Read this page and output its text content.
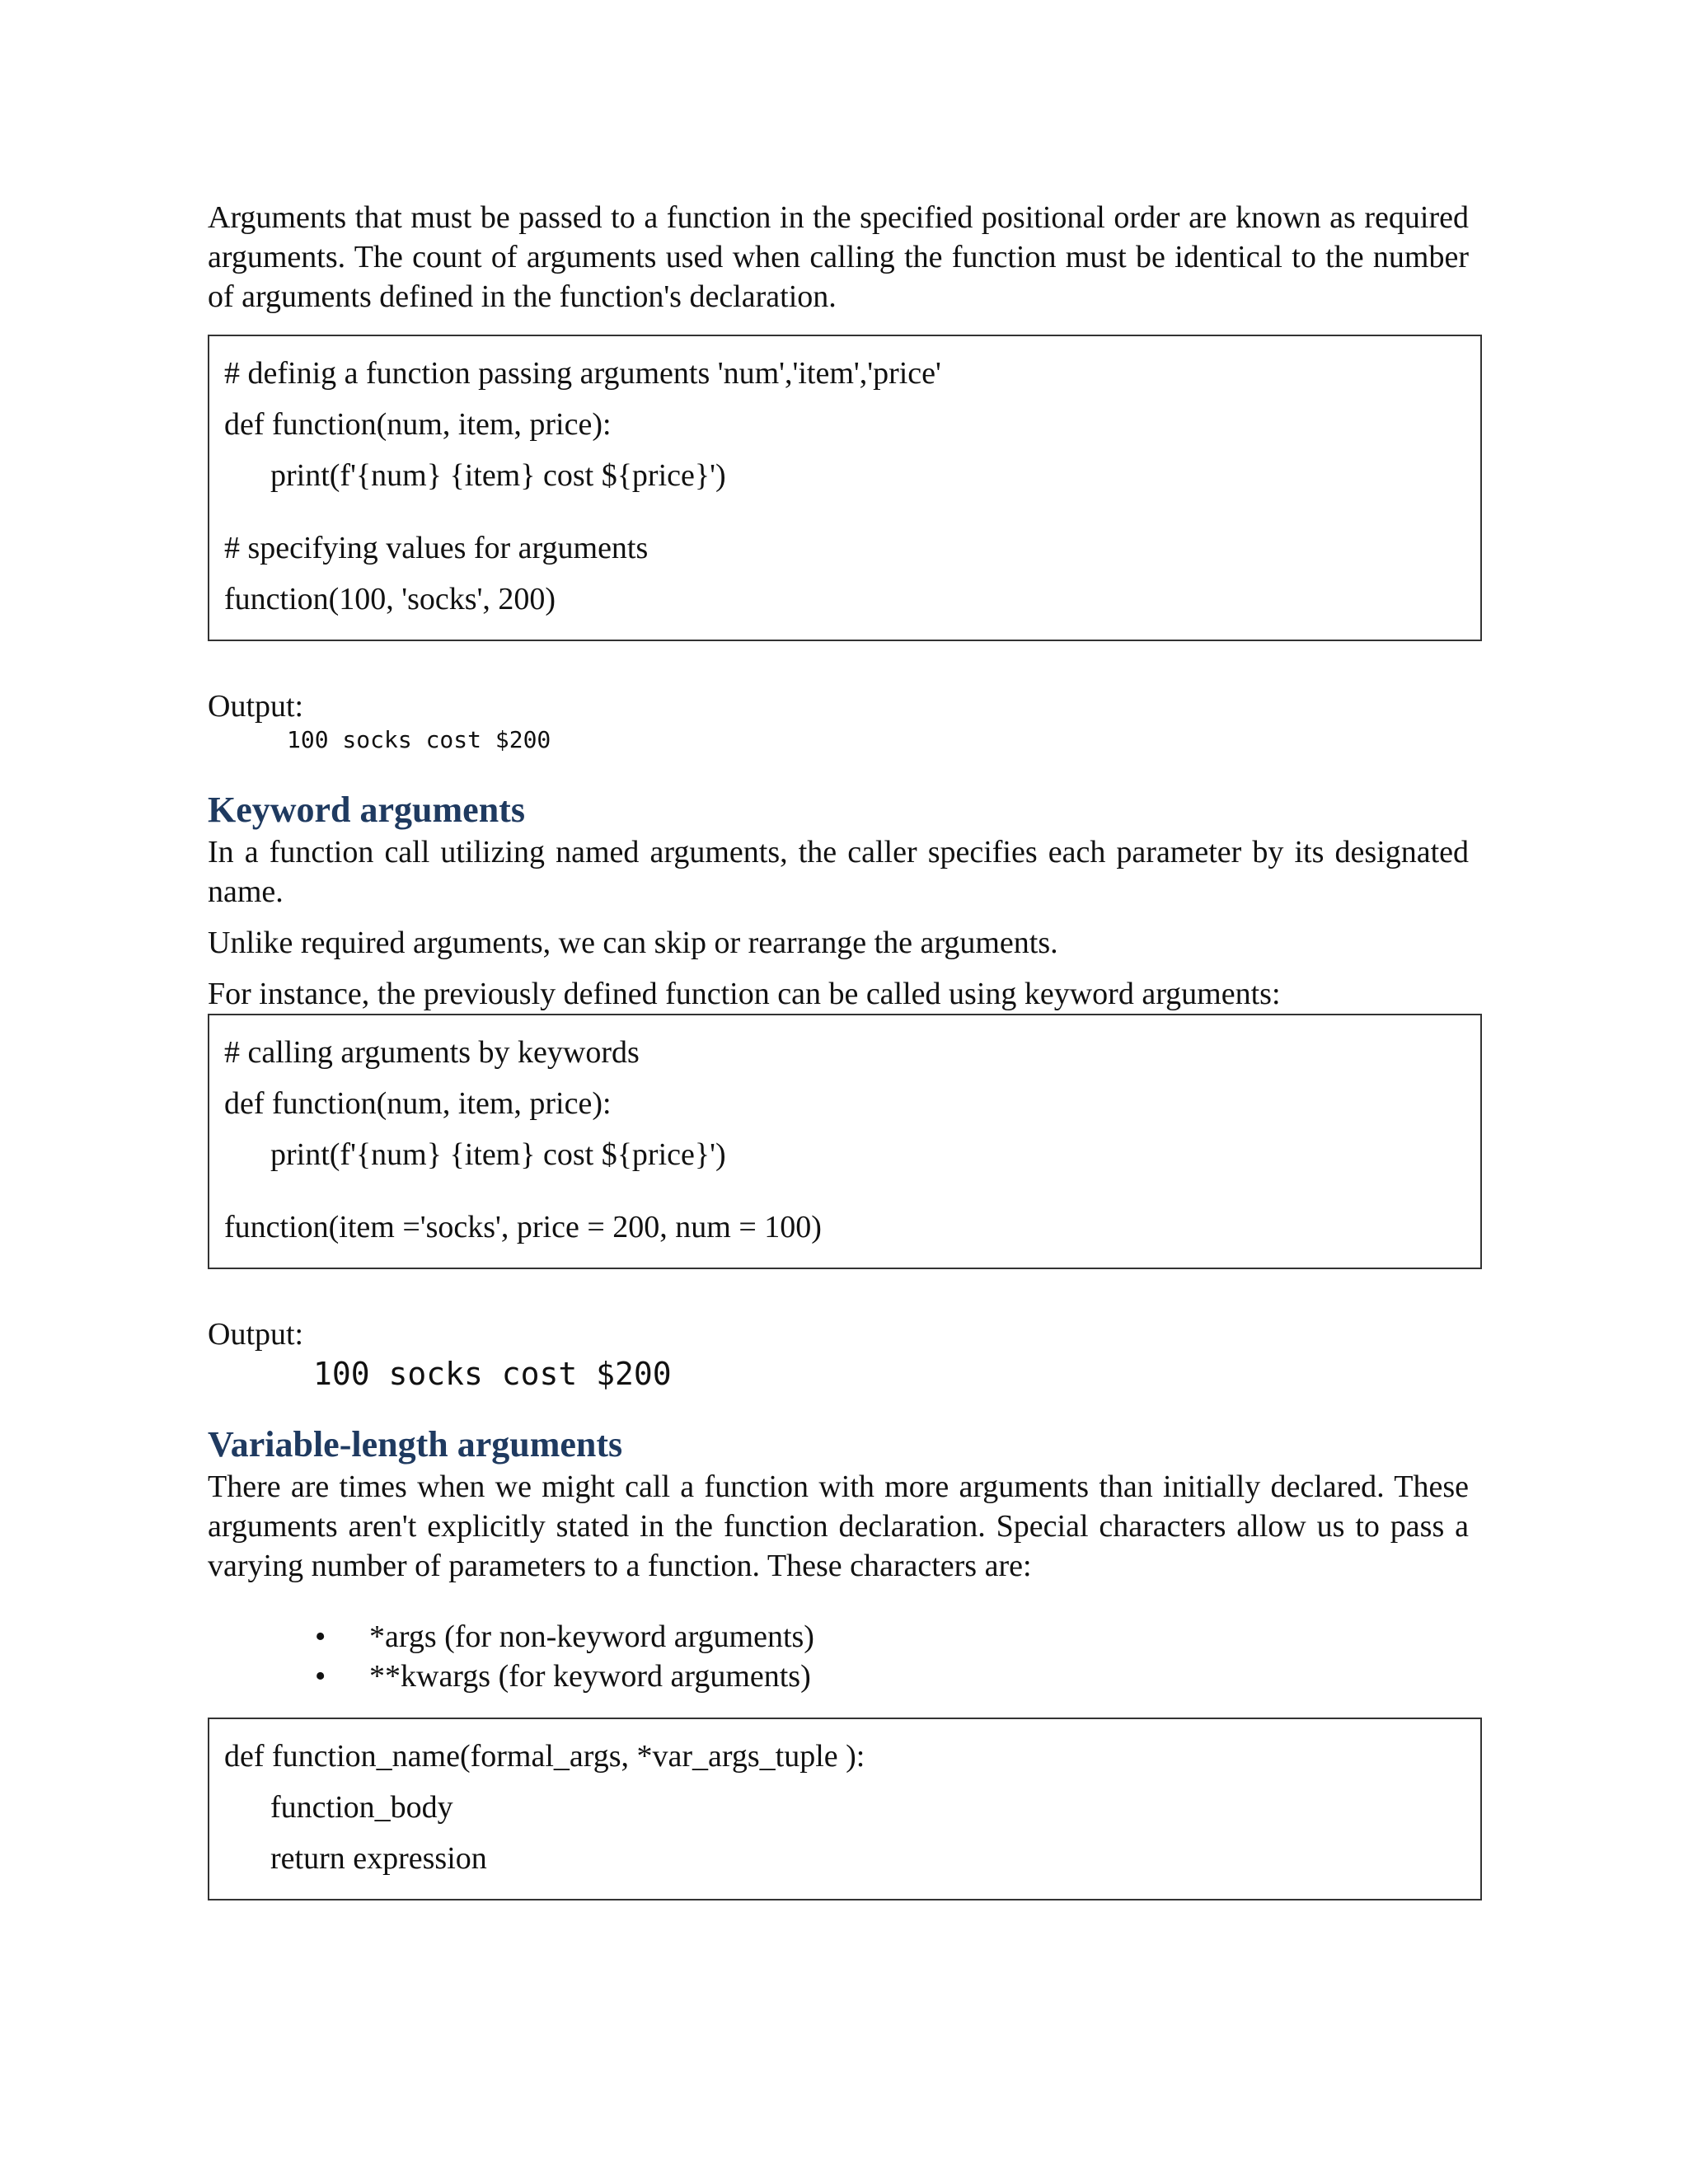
Arguments that must be passed to a function in the specified positional order are known as required arguments. The count of arguments used when calling the function must be identical to the number of arguments defined in the function's declaration.

# definig a function passing arguments 'num','item','price'
def function(num, item, price):
print(f'{num} {item} cost ${price}')
# specifying values for arguments
function(100, 'socks', 200)
Output:
100 socks cost $200
Keyword arguments

In a function call utilizing named arguments, the caller specifies each parameter by its designated name.

Unlike required arguments, we can skip or rearrange the arguments.

For instance, the previously defined function can be called using keyword arguments:

# calling arguments by keywords
def function(num, item, price):
print(f'{num} {item} cost ${price}')
function(item ='socks', price = 200, num = 100)
Output:
100 socks cost $200
Variable-length arguments

There are times when we might call a function with more arguments than initially declared. These arguments aren't explicitly stated in the function declaration. Special characters allow us to pass a varying number of parameters to a function. These characters are:

• *args (for non-keyword arguments)
• **kwargs (for keyword arguments)
def function_name(formal_args, *var_args_tuple ):
function_body
return expression
